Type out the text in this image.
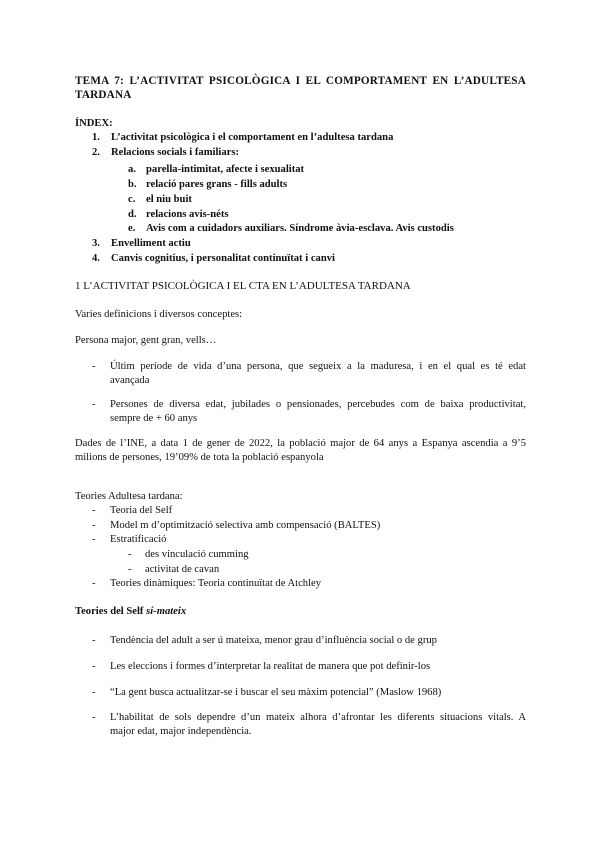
TEMA 7: L’ACTIVITAT PSICOLÒGICA I EL COMPORTAMENT EN L’ADULTESA
TARDANA
ÍNDEX:
1. L’activitat psicològica i el comportament en l’adultesa tardana
2. Relacions socials i familiars:
a. parella-intimitat, afecte i sexualitat
b. relació pares grans - fills adults
c. el niu buit
d. relacions avis-néts
e. Avis com a cuidadors auxiliars. Síndrome àvia-esclava. Avis custodis
3. Envelliment actiu
4. Canvis cognitius, i personalitat continuïtat i canvi
1 L’ACTIVITAT PSICOLÒGICA I EL CTA EN L’ADULTESA TARDANA
Varies definicions i diversos conceptes:
Persona major, gent gran, vells…
- Últim període de vida d’una persona, que segueix a la maduresa, i en el qual es té edat
avançada
- Persones de diversa edat, jubilades o pensionades, percebudes com de baixa productivitat,
sempre de + 60 anys
Dades de l’INE, a data 1 de gener de 2022, la població major de 64 anys a Espanya ascendia a 9’5
milions de persones, 19’09% de tota la població espanyola
Teories Adultesa tardana:
- Teoria del Self
- Model m d’optimització selectiva amb compensació (BALTES)
- Estratificació
- des vinculació cumming
- activitat de cavan
- Teories dinàmiques: Teoria continuïtat de Atchley
Teories del Self sí-mateix
- Tendència del adult a ser ú mateixa, menor grau d’influència social o de grup
- Les eleccions i formes d’interpretar la realitat de manera que pot definir-los
- “La gent busca actualitzar-se i buscar el seu màxim potencial” (Maslow 1968)
- L’habilitat de sols dependre d’un mateix alhora d’afrontar les diferents situacions vitals. A
major edat, major independència.
